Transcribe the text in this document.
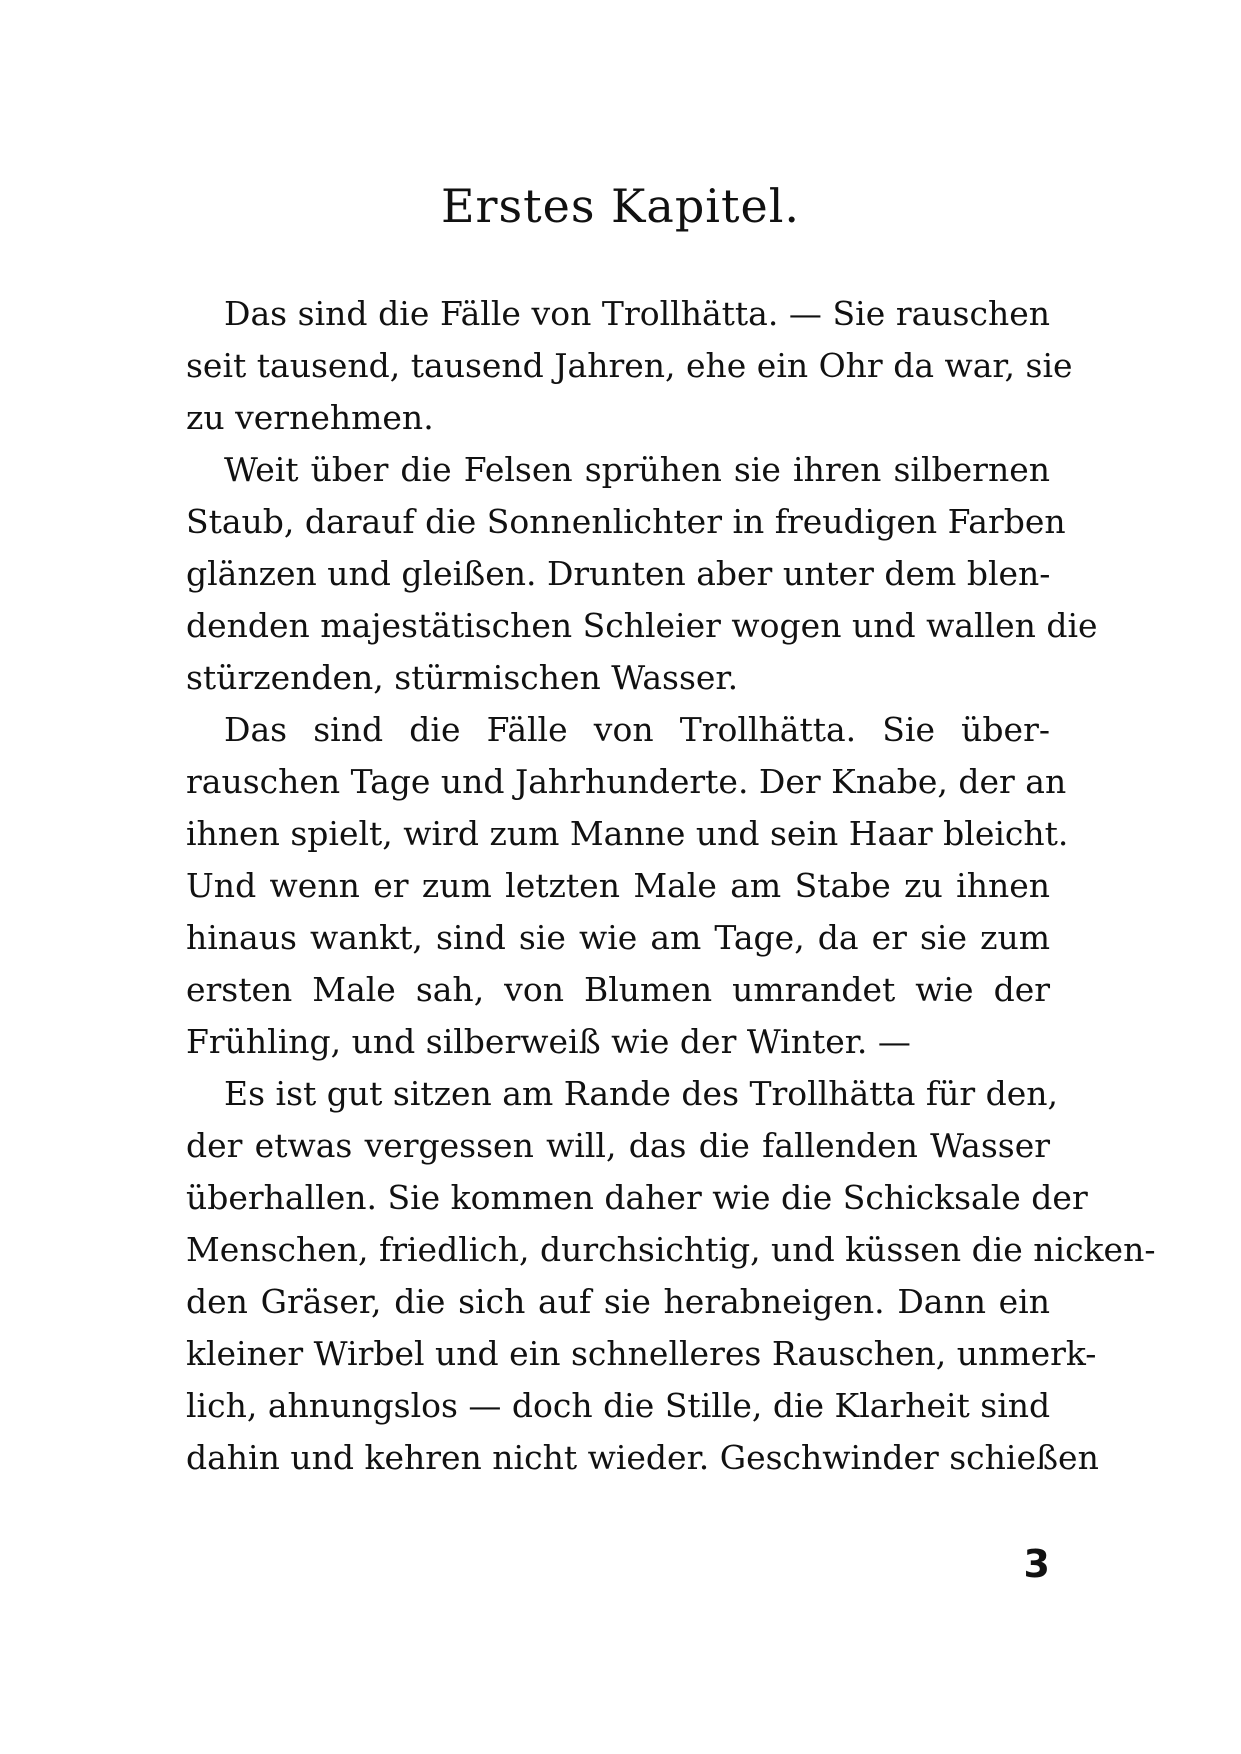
Erstes Kapitel.
Das sind die Fälle von Trollhätta. — Sie rauschen
seit tausend, tausend Jahren, ehe ein Ohr da war, sie
zu vernehmen.
Weit über die Felsen sprühen sie ihren silbernen
Staub, darauf die Sonnenlichter in freudigen Farben
glänzen und gleißen. Drunten aber unter dem blen-
denden majestätischen Schleier wogen und wallen die
stürzenden, stürmischen Wasser.
Das sind die Fälle von Trollhätta. Sie über-
rauschen Tage und Jahrhunderte. Der Knabe, der an
ihnen spielt, wird zum Manne und sein Haar bleicht.
Und wenn er zum letzten Male am Stabe zu ihnen
hinaus wankt, sind sie wie am Tage, da er sie zum
ersten Male sah, von Blumen umrandet wie der
Frühling, und silberweiß wie der Winter. —
Es ist gut sitzen am Rande des Trollhätta für den,
der etwas vergessen will, das die fallenden Wasser
überhallen. Sie kommen daher wie die Schicksale der
Menschen, friedlich, durchsichtig, und küssen die nicken-
den Gräser, die sich auf sie herabneigen. Dann ein
kleiner Wirbel und ein schnelleres Rauschen, unmerk-
lich, ahnungslos — doch die Stille, die Klarheit sind
dahin und kehren nicht wieder. Geschwinder schießen
3
